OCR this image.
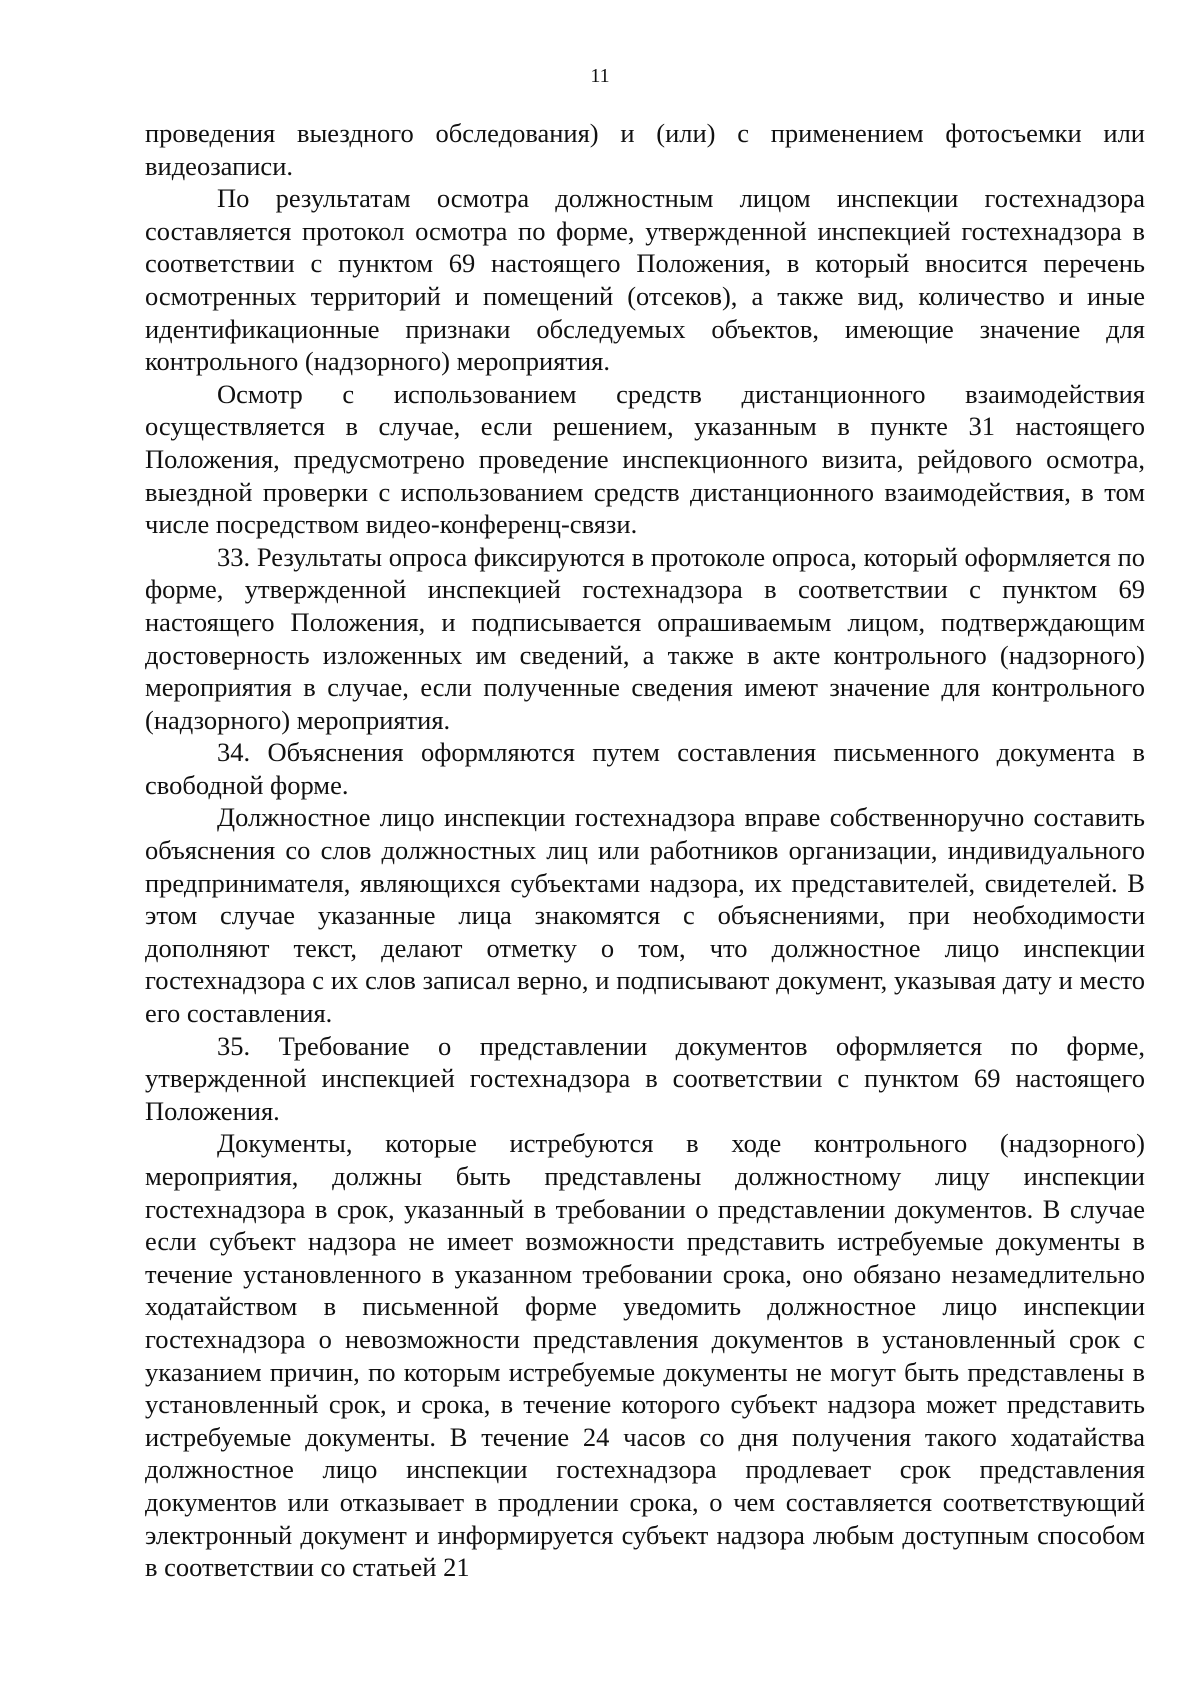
11

проведения выездного обследования) и (или) с применением фотосъемки или видеозаписи.

По результатам осмотра должностным лицом инспекции гостехнадзора составляется протокол осмотра по форме, утвержденной инспекцией гостехнадзора в соответствии с пунктом 69 настоящего Положения, в который вносится перечень осмотренных территорий и помещений (отсеков), а также вид, количество и иные идентификационные признаки обследуемых объектов, имеющие значение для контрольного (надзорного) мероприятия.

Осмотр с использованием средств дистанционного взаимодействия осуществляется в случае, если решением, указанным в пункте 31 настоящего Положения, предусмотрено проведение инспекционного визита, рейдового осмотра, выездной проверки с использованием средств дистанционного взаимодействия, в том числе посредством видео-конференц-связи.

33. Результаты опроса фиксируются в протоколе опроса, который оформляется по форме, утвержденной инспекцией гостехнадзора в соответствии с пунктом 69 настоящего Положения, и подписывается опрашиваемым лицом, подтверждающим достоверность изложенных им сведений, а также в акте контрольного (надзорного) мероприятия в случае, если полученные сведения имеют значение для контрольного (надзорного) мероприятия.

34. Объяснения оформляются путем составления письменного документа в свободной форме.

Должностное лицо инспекции гостехнадзора вправе собственноручно составить объяснения со слов должностных лиц или работников организации, индивидуального предпринимателя, являющихся субъектами надзора, их представителей, свидетелей. В этом случае указанные лица знакомятся с объяснениями, при необходимости дополняют текст, делают отметку о том, что должностное лицо инспекции гостехнадзора с их слов записал верно, и подписывают документ, указывая дату и место его составления.

35. Требование о представлении документов оформляется по форме, утвержденной инспекцией гостехнадзора в соответствии с пунктом 69 настоящего Положения.

Документы, которые истребуются в ходе контрольного (надзорного) мероприятия, должны быть представлены должностному лицу инспекции гостехнадзора в срок, указанный в требовании о представлении документов. В случае если субъект надзора не имеет возможности представить истребуемые документы в течение установленного в указанном требовании срока, оно обязано незамедлительно ходатайством в письменной форме уведомить должностное лицо инспекции гостехнадзора о невозможности представления документов в установленный срок с указанием причин, по которым истребуемые документы не могут быть представлены в установленный срок, и срока, в течение которого субъект надзора может представить истребуемые документы. В течение 24 часов со дня получения такого ходатайства должностное лицо инспекции гостехнадзора продлевает срок представления документов или отказывает в продлении срока, о чем составляется соответствующий электронный документ и информируется субъект надзора любым доступным способом в соответствии со статьей 21
